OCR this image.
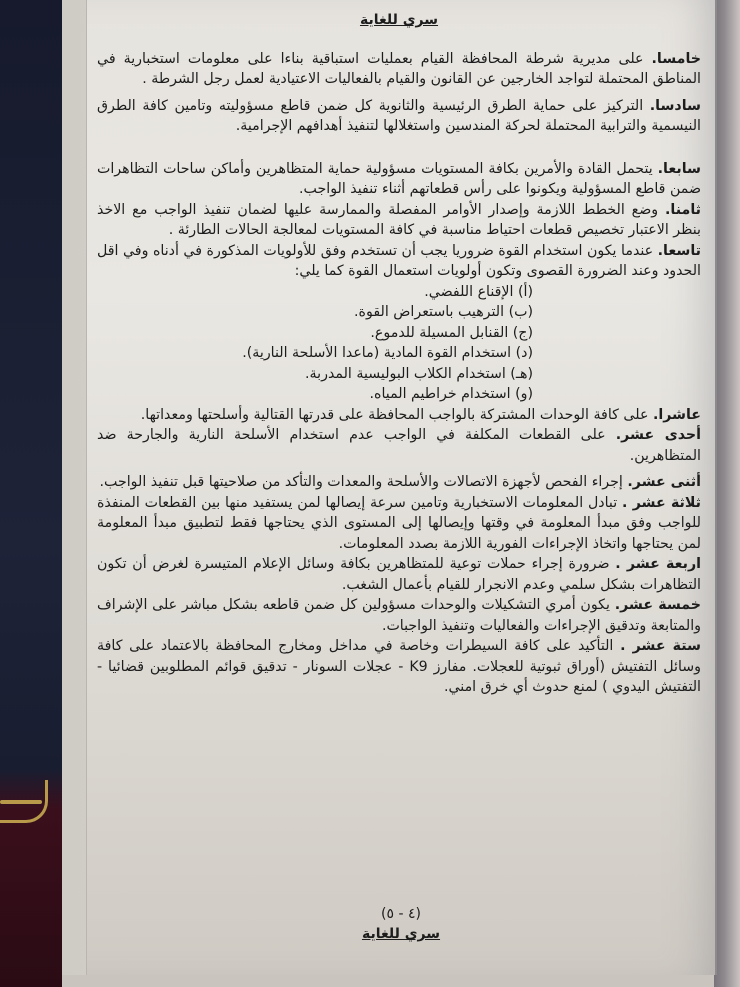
سري للغاية

خامسا. على مديرية شرطة المحافظة القيام بعمليات استباقية بناءا على معلومات استخبارية في المناطق المحتملة لتواجد الخارجين عن القانون والقيام بالفعاليات الاعتيادية لعمل رجل الشرطة .

سادسا. التركيز على حماية الطرق الرئيسية والثانوية كل ضمن قاطع مسؤوليته وتامين كافة الطرق النيسمية والترابية المحتملة لحركة المندسين واستغلالها لتنفيذ أهدافهم الإجرامية.

سابعا. يتحمل القادة والأمرين بكافة المستويات مسؤولية حماية المتظاهرين وأماكن ساحات التظاهرات ضمن قاطع المسؤولية ويكونوا على رأس قطعاتهم أثناء تنفيذ الواجب.

ثامنا. وضع الخطط اللازمة وإصدار الأوامر المفصلة والممارسة عليها لضمان تنفيذ الواجب مع الاخذ بنظر الاعتبار تخصيص قطعات احتياط مناسبة في كافة المستويات لمعالجة الحالات الطارئة .

تاسعا. عندما يكون استخدام القوة ضروريا يجب أن تستخدم وفق للأولويات المذكورة في أدناه وفي اقل الحدود وعند الضرورة القصوى وتكون أولويات استعمال القوة كما يلي:

(أ) الإقناع اللفضي.
(ب) الترهيب باستعراض القوة.
(ج) القنابل المسيلة للدموع.
(د) استخدام القوة المادية (ماعدا الأسلحة النارية).
(هـ) استخدام الكلاب البوليسية المدربة.
(و) استخدام خراطيم المياه.

عاشرا. على كافة الوحدات المشتركة بالواجب المحافظة على قدرتها القتالية وأسلحتها ومعداتها.

أحدى عشر. على القطعات المكلفة في الواجب عدم استخدام الأسلحة النارية والجارحة ضد المتظاهرين.

أثنى عشر. إجراء الفحص لأجهزة الاتصالات والأسلحة والمعدات والتأكد من صلاحيتها قبل تنفيذ الواجب.

ثلاثة عشر . تبادل المعلومات الاستخبارية وتامين سرعة إيصالها لمن يستفيد منها بين القطعات المنفذة للواجب وفق مبدأ المعلومة في وقتها وإيصالها إلى المستوى الذي يحتاجها فقط لتطبيق مبدأ المعلومة لمن يحتاجها واتخاذ الإجراءات الفورية اللازمة بصدد المعلومات.

اربعة عشر . ضرورة إجراء حملات توعية للمتظاهرين بكافة وسائل الإعلام المتيسرة لغرض أن تكون التظاهرات بشكل سلمي وعدم الانجرار للقيام بأعمال الشغب.

خمسة عشر. يكون أمري التشكيلات والوحدات مسؤولين كل ضمن قاطعه بشكل مباشر على الإشراف والمتابعة وتدقيق الإجراءات والفعاليات وتنفيذ الواجبات.

ستة عشر . التأكيد على كافة السيطرات وخاصة في مداخل ومخارج المحافظة بالاعتماد على كافة وسائل التفتيش (أوراق ثبوتية للعجلات. مفارز K9 - عجلات السونار - تدقيق قوائم المطلوبين قضائيا - التفتيش اليدوي ) لمنع حدوث أي خرق امني.

(٤ - ٥)
سري للغاية
